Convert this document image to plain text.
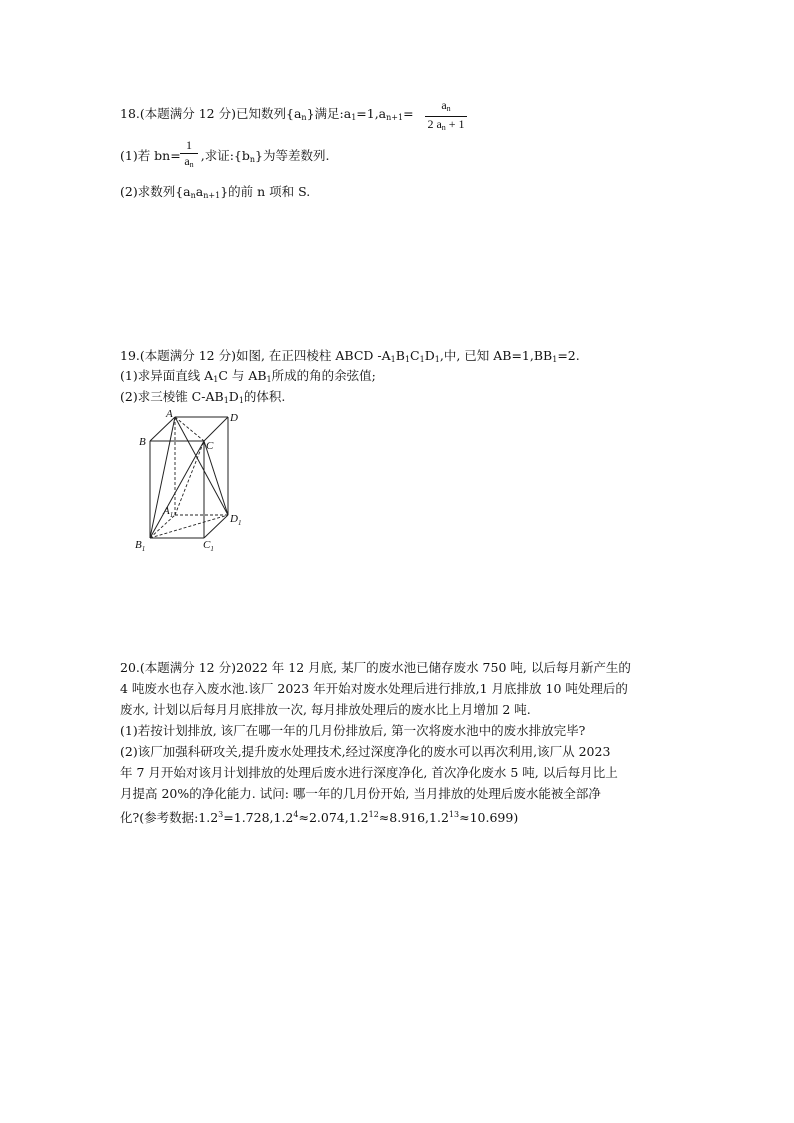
18.(本题满分 12 分)已知数列$\{a_n\}$满足$:a_1=1,a_{n+1}=$
$a_n$
2 $a_n + 1$
(1)若 bn= ,求证$:\{b_n\}$为等差数列.
1
$a_n$
(2)求数列$\{a_na_{n+1}\}$的前 n 项和 S.
19.(本题满分 12 分)如图, 在正四棱柱 ABCD $-A_1B_1C_1D_1$,中, 已知 $AB=1,BB_1=2$.
(1)求异面直线 $A_1C$ 与 $AB_1$所成的角的余弦值;
(2)求三棱锥 $C-AB_1D_1$的体积.
A	D
B	C
$A_1$	$D_1$
$B_1$	$C_1$
20.(本题满分 12 分)2022 年 12 月底, 某厂的废水池已储存废水 750 吨, 以后每月新产生的
4 吨废水也存入废水池.该厂 2023 年开始对废水处理后进行排放,1 月底排放 10 吨处理后的
废水, 计划以后每月月底排放一次, 每月排放处理后的废水比上月增加 2 吨.
(1)若按计划排放, 该厂在哪一年的几月份排放后, 第一次将废水池中的废水排放完毕?
(2)该厂加强科研攻关,提升废水处理技术,经过深度净化的废水可以再次利用,该厂从 2023
年 7 月开始对该月计划排放的处理后废水进行深度净化, 首次净化废水 5 吨, 以后每月比上
月提高 20%的净化能力. 试问: 哪一年的几月份开始, 当月排放的处理后废水能被全部净
化?(参考数据$:1.2^3=1.728,1.2^4\approx 2.074,1.2^{12}\approx 8.916,1.2^{13}\approx 10.699$)
